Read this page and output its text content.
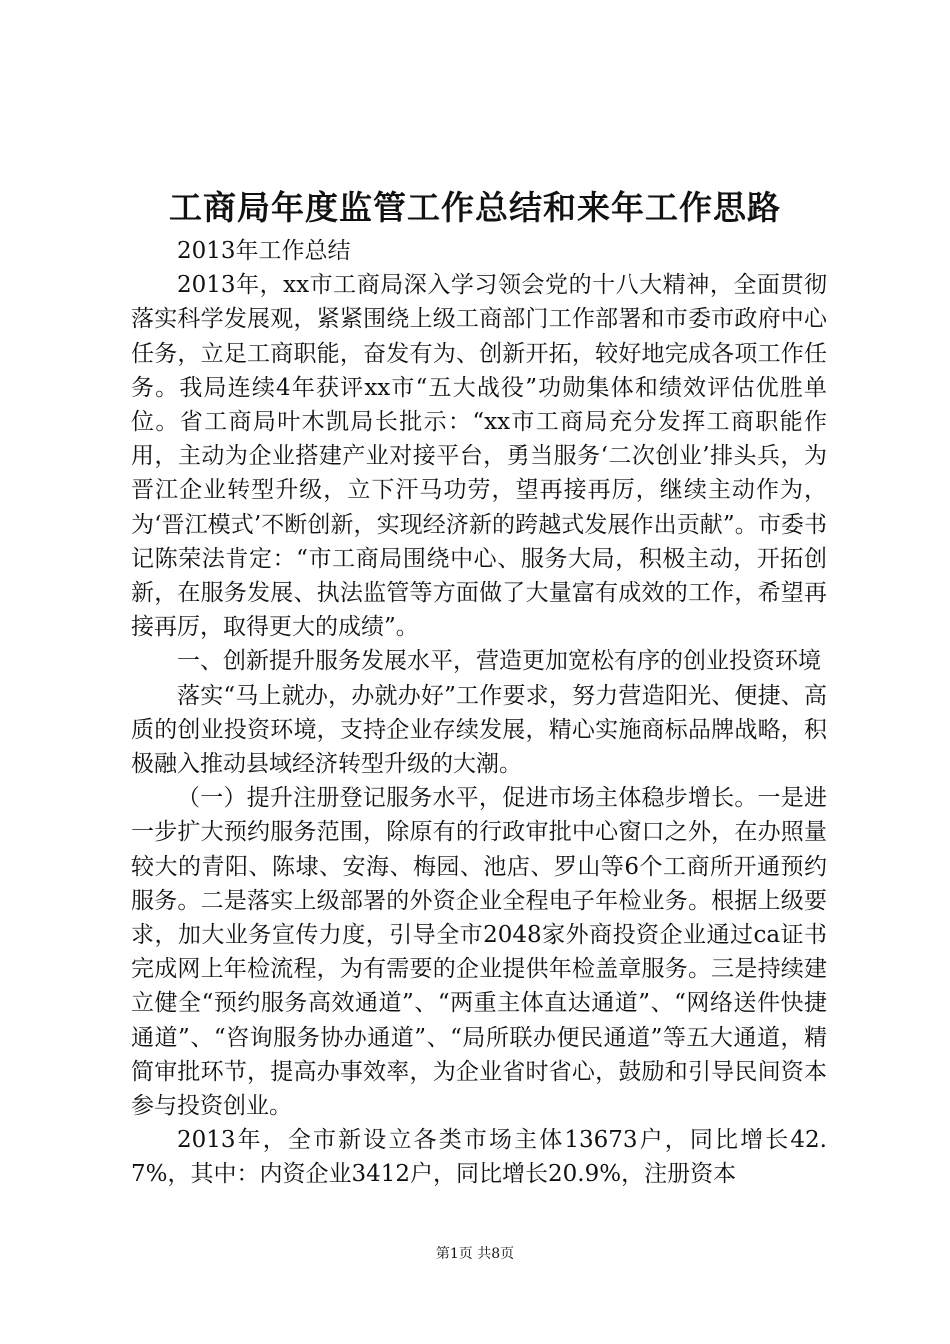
工商局年度监管工作总结和来年工作思路

2013年工作总结

2013年，xx市工商局深入学习领会党的十八大精神，全面贯彻落实科学发展观，紧紧围绕上级工商部门工作部署和市委市政府中心任务，立足工商职能，奋发有为、创新开拓，较好地完成各项工作任务。我局连续4年获评xx市“五大战役”功勋集体和绩效评估优胜单位。省工商局叶木凯局长批示：“xx市工商局充分发挥工商职能作用，主动为企业搭建产业对接平台，勇当服务‘二次创业’排头兵，为晋江企业转型升级，立下汗马功劳，望再接再厉，继续主动作为，为‘晋江模式’不断创新，实现经济新的跨越式发展作出贡献”。市委书记陈荣法肯定：“市工商局围绕中心、服务大局，积极主动，开拓创新，在服务发展、执法监管等方面做了大量富有成效的工作，希望再接再厉，取得更大的成绩”。

一、创新提升服务发展水平，营造更加宽松有序的创业投资环境

落实“马上就办，办就办好”工作要求，努力营造阳光、便捷、高质的创业投资环境，支持企业存续发展，精心实施商标品牌战略，积极融入推动县域经济转型升级的大潮。

（一）提升注册登记服务水平，促进市场主体稳步增长。一是进一步扩大预约服务范围，除原有的行政审批中心窗口之外，在办照量较大的青阳、陈埭、安海、梅园、池店、罗山等6个工商所开通预约服务。二是落实上级部署的外资企业全程电子年检业务。根据上级要求，加大业务宣传力度，引导全市2048家外商投资企业通过ca证书完成网上年检流程，为有需要的企业提供年检盖章服务。三是持续建立健全“预约服务高效通道”、“两重主体直达通道”、“网络送件快捷通道”、“咨询服务协办通道”、“局所联办便民通道”等五大通道，精简审批环节，提高办事效率，为企业省时省心，鼓励和引导民间资本参与投资创业。

2013年，全市新设立各类市场主体13673户，同比增长42.7%，其中：内资企业3412户，同比增长20.9%，注册资本

第1页 共8页
